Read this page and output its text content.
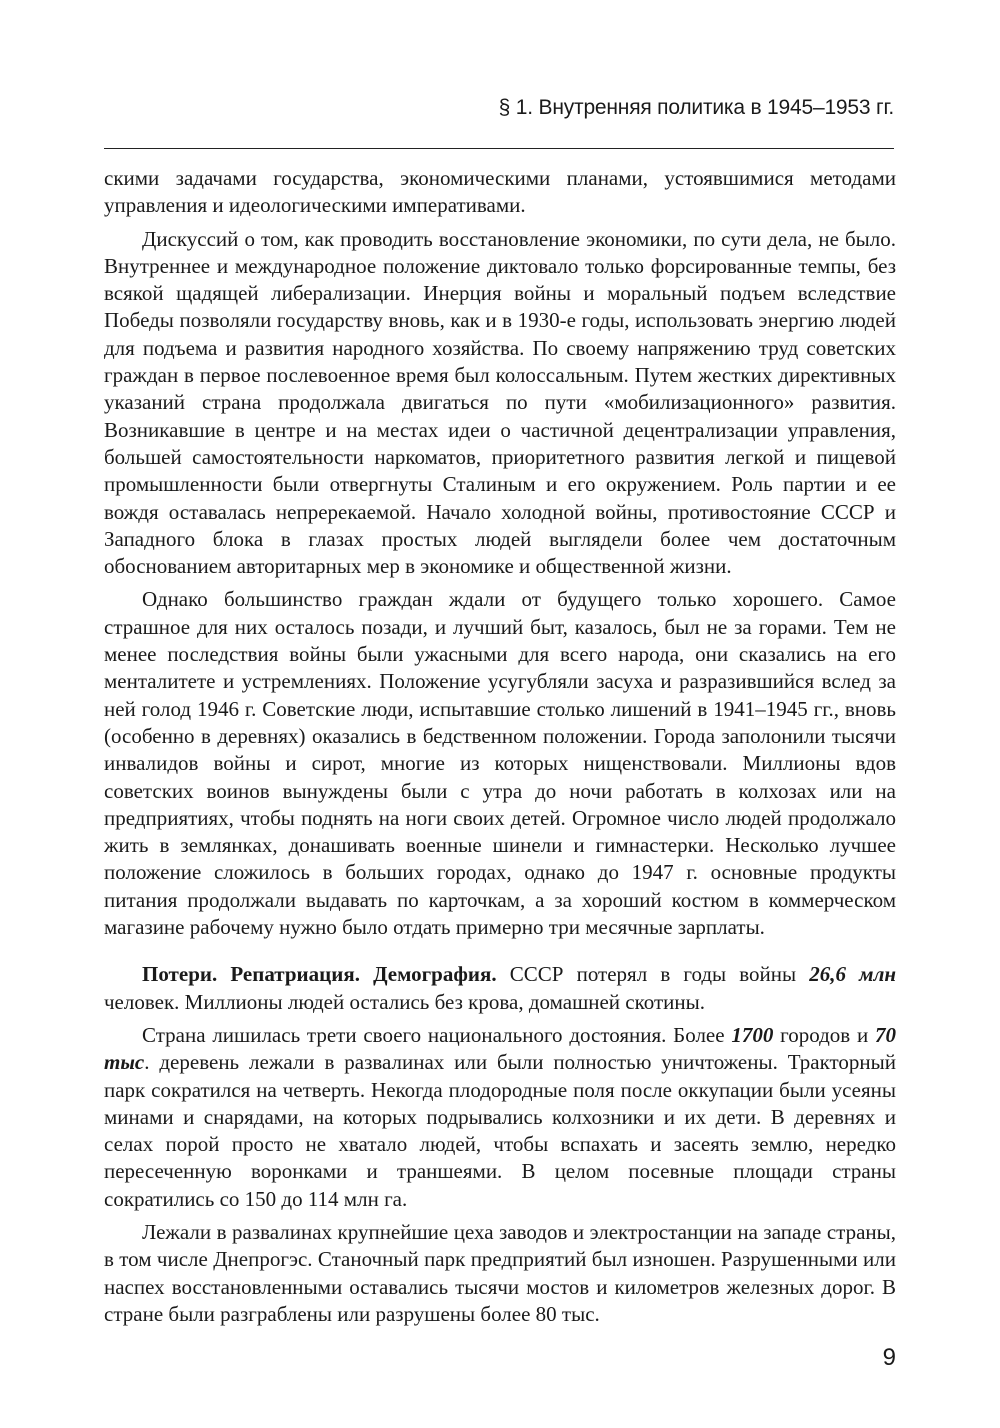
§ 1. Внутренняя политика в 1945–1953 гг.

скими задачами государства, экономическими планами, устоявшимися методами управления и идеологическими императивами.

Дискуссий о том, как проводить восстановление экономики, по сути дела, не было. Внутреннее и международное положение диктовало только форсированные темпы, без всякой щадящей либерализации. Инерция войны и моральный подъем вследствие Победы позволяли государству вновь, как и в 1930-е годы, использовать энергию людей для подъема и развития народного хозяйства. По своему напряжению труд советских граждан в первое послевоенное время был колоссальным. Путем жестких директивных указаний страна продолжала двигаться по пути «мобилизационного» развития. Возникавшие в центре и на местах идеи о частичной децентрализации управления, большей самостоятельности наркоматов, приоритетного развития легкой и пищевой промышленности были отвергнуты Сталиным и его окружением. Роль партии и ее вождя оставалась непререкаемой. Начало холодной войны, противостояние СССР и Западного блока в глазах простых людей выглядели более чем достаточным обоснованием авторитарных мер в экономике и общественной жизни.

Однако большинство граждан ждали от будущего только хорошего. Самое страшное для них осталось позади, и лучший быт, казалось, был не за горами. Тем не менее последствия войны были ужасными для всего народа, они сказались на его менталитете и устремлениях. Положение усугубляли засуха и разразившийся вслед за ней голод 1946 г. Советские люди, испытавшие столько лишений в 1941–1945 гг., вновь (особенно в деревнях) оказались в бедственном положении. Города заполонили тысячи инвалидов войны и сирот, многие из которых нищенствовали. Миллионы вдов советских воинов вынуждены были с утра до ночи работать в колхозах или на предприятиях, чтобы поднять на ноги своих детей. Огромное число людей продолжало жить в землянках, донашивать военные шинели и гимнастерки. Несколько лучшее положение сложилось в больших городах, однако до 1947 г. основные продукты питания продолжали выдавать по карточкам, а за хороший костюм в коммерческом магазине рабочему нужно было отдать примерно три месячные зарплаты.

Потери. Репатриация. Демография. СССР потерял в годы войны 26,6 млн человек. Миллионы людей остались без крова, домашней скотины.

Страна лишилась трети своего национального достояния. Более 1700 городов и 70 тыс. деревень лежали в развалинах или были полностью уничтожены. Тракторный парк сократился на четверть. Некогда плодородные поля после оккупации были усеяны минами и снарядами, на которых подрывались колхозники и их дети. В деревнях и селах порой просто не хватало людей, чтобы вспахать и засеять землю, нередко пересеченную воронками и траншеями. В целом посевные площади страны сократились со 150 до 114 млн га.

Лежали в развалинах крупнейшие цеха заводов и электростанции на западе страны, в том числе Днепрогэс. Станочный парк предприятий был изношен. Разрушенными или наспех восстановленными оставались тысячи мостов и километров железных дорог. В стране были разграблены или разрушены более 80 тыс.

9
